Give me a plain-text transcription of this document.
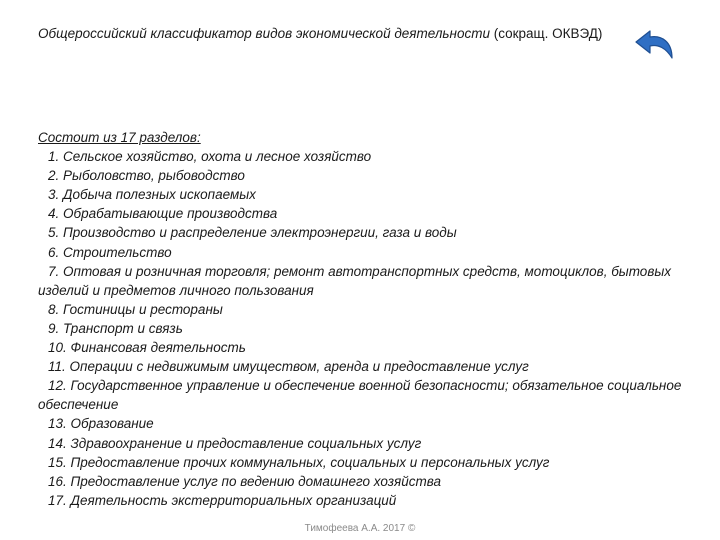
Общероссийский классификатор видов экономической деятельности (сокращ. ОКВЭД)
Состоит из 17 разделов:
1. Сельское хозяйство, охота и лесное хозяйство
2. Рыболовство, рыбоводство
3. Добыча полезных ископаемых
4. Обрабатывающие производства
5. Производство и распределение электроэнергии, газа и воды
6. Строительство
7. Оптовая и розничная торговля; ремонт автотранспортных средств, мотоциклов, бытовых изделий и предметов личного пользования
8. Гостиницы и рестораны
9. Транспорт и связь
10. Финансовая деятельность
11. Операции с недвижимым имуществом, аренда и предоставление услуг
12. Государственное управление и обеспечение военной безопасности; обязательное социальное обеспечение
13. Образование
14. Здравоохранение и предоставление социальных услуг
15. Предоставление прочих коммунальных, социальных и персональных услуг
16. Предоставление услуг по ведению домашнего хозяйства
17. Деятельность экстерриториальных организаций
Тимофеева А.А. 2017 ©
